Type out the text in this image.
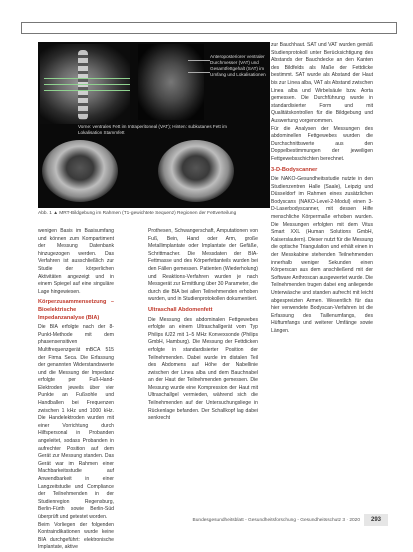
Anteroposteriorer ventraler Durchmesser (VAT) und Gesamtfettgehalt (SAT) im Umfang und Lokalisationen
Vorne: ventrales Fett im Intraperitoneal (VAT); Hinten: subkutanes Fett im Lokalisation Stammfett
Abb. 1 ▲ MRT-Bildgebung im Rahmen (T1-gewichtete Sequenz) Regionen der Fettverteilung

wenigen Basis im Basisumfang und können zum Kompartiment der Messung Datenbank hinzugezogen werden. Das Verfahren ist ausschließlich zur Studie der körperlichen Aktivitäten angezeigt und in einem Spiegel auf eine singuläre Lage hingewiesen.

Körperzusammensetzung – Bioelektrische Impedanzanalyse (BIA)

Die BIA erfolgte nach der 8-Punkt-Methode mit dem phasensensitiven Multifrequenzgerät mBCA 515 der Firma Seca. Die Erfassung der genannten Widerstandswerte und die Messung der Impedanz erfolgte per Fuß-Hand-Elektroden jeweils über vier Punkte an Fußsohle und Handballen bei Frequenzen zwischen 1 kHz und 1000 kHz. Die Handelektroden wurden mit einer Vorrichtung durch Hilfspersonal in Probanden angeleitet, sodass Probanden in aufrechter Position auf dem Gerät zur Messung standen. Das Gerät war im Rahmen einer Machbarkeitsstudie auf Anwendbarkeit in einer Langzeitstudie und Compliance der Teilnehmenden in der Studienregion Regensburg, Berlin-Fürth sowie Berlin-Süd überprüft und getestet worden.

Beim Vorliegen der folgenden Kontraindikationen wurde keine BIA durchgeführt: elektronische Implantate, aktive

Prothesen, Schwangerschaft, Amputationen von Fuß, Bein, Hand oder Arm, große Metallimplantate oder Implantate der Gefäße, Schrittmacher. Die Messdaten der BIA-Fettmasse und des Körperfettanteils wurden bei den Fällen gemessen. Patienten (Wiederholung) und Reaktions-Verfahren wurden je nach Messgerät zur Ermittlung über 30 Parameter, die durch die BIA bei allen Teilnehmenden erhoben wurden, und in Studienprotokollen dokumentiert.

Ultraschall Abdomenfett

Die Messung des abdominalen Fettgewebes erfolgte an einem Ultraschallgerät vom Typ Philips iU22 mit 1–5 MHz Konvexsonde (Philips GmbH, Hamburg). Die Messung der Fettdicken erfolgte in standardisierter Position der Teilnehmenden. Dabei wurde im distalen Teil des Abdomens auf Höhe der Nabellinie zwischen der Linea alba und dem Bauchnabel an der Haut der Teilnehmenden gemessen. Die Messung wurde eine Kompression der Haut mit Ultraschallgel vermieden, während sich die Teilnehmenden auf der Untersuchungsliege in Rückenlage befanden. Der Schallkopf lag dabei senkrecht

zur Bauchhaut. SAT und VAT wurden gemäß Studienprotokoll unter Berücksichtigung des Abstands der Bauchdecke an den Kanten des Bildfelds als Maße der Fettdicke bestimmt. SAT wurde als Abstand der Haut bis zur Linea alba, VAT als Abstand zwischen Linea alba und Wirbelsäule bzw. Aorta gemessen. Die Durchführung wurde in standardisierter Form und mit Qualitätskontrollen für die Bildgebung und Auswertung vorgenommen.

Für die Analysen der Messungen des abdominellen Fettgewebes wurden die Durchschnittswerte aus den Doppelbestimmungen der jeweiligen Fettgewebsschichten berechnet.

3-D-Bodyscanner

Die NAKO-Gesundheitsstudie nutzte in den Studienzentren Halle (Saale), Leipzig und Düsseldorf im Rahmen eines zusätzlichen Bodyscans (NAKO-Level-2-Modul) einen 3-D-Laserbodyscanner, mit dessen Hilfe menschliche Körpermaße erhoben wurden. Die Messungen erfolgten mit dem Vitus Smart XXL (Human Solutions GmbH, Kaiserslautern). Dieser nutzt für die Messung die optische Triangulation und erhält einen in der Messkabine stehenden Teilnehmenden innerhalb weniger Sekunden einen Körperscan aus dem anschließend mit der Software Anthroscan ausgewertet wurde. Die Teilnehmenden trugen dabei eng anliegende Unterwäsche und standen aufrecht mit leicht abgespreizten Armen. Wesentlich für das hier verwendete Bodyscan-Verfahren ist die Erfassung des Taillenumfangs, des Hüftumfangs und weiterer Umfänge sowie Längen.

Bundesgesundheitsblatt - Gesundheitsforschung - Gesundheitsschutz 3 · 2020	293
